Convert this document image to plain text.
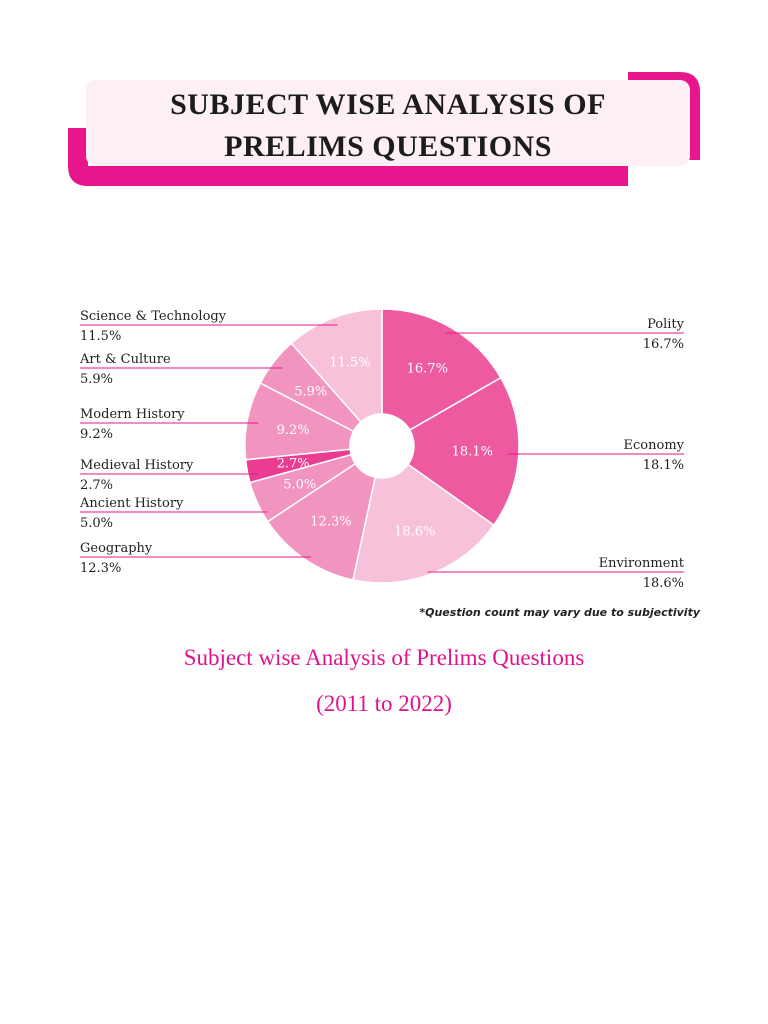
SUBJECT WISE ANALYSIS OF
PRELIMS QUESTIONS
Polity
16.7%
Economy
18.1%
Environment
18.6%
Geography
12.3%
Ancient History
5.0%
Medieval History
2.7%
Modern History
9.2%
Art & Culture
5.9%
Science & Technology
11.5%
16.7%
18.1%
18.6%
12.3%
5.0%
2.7%
9.2%
5.9%
11.5%
*Question count may vary due to subjectivity
Subject wise Analysis of Prelims Questions
(2011 to 2022)
